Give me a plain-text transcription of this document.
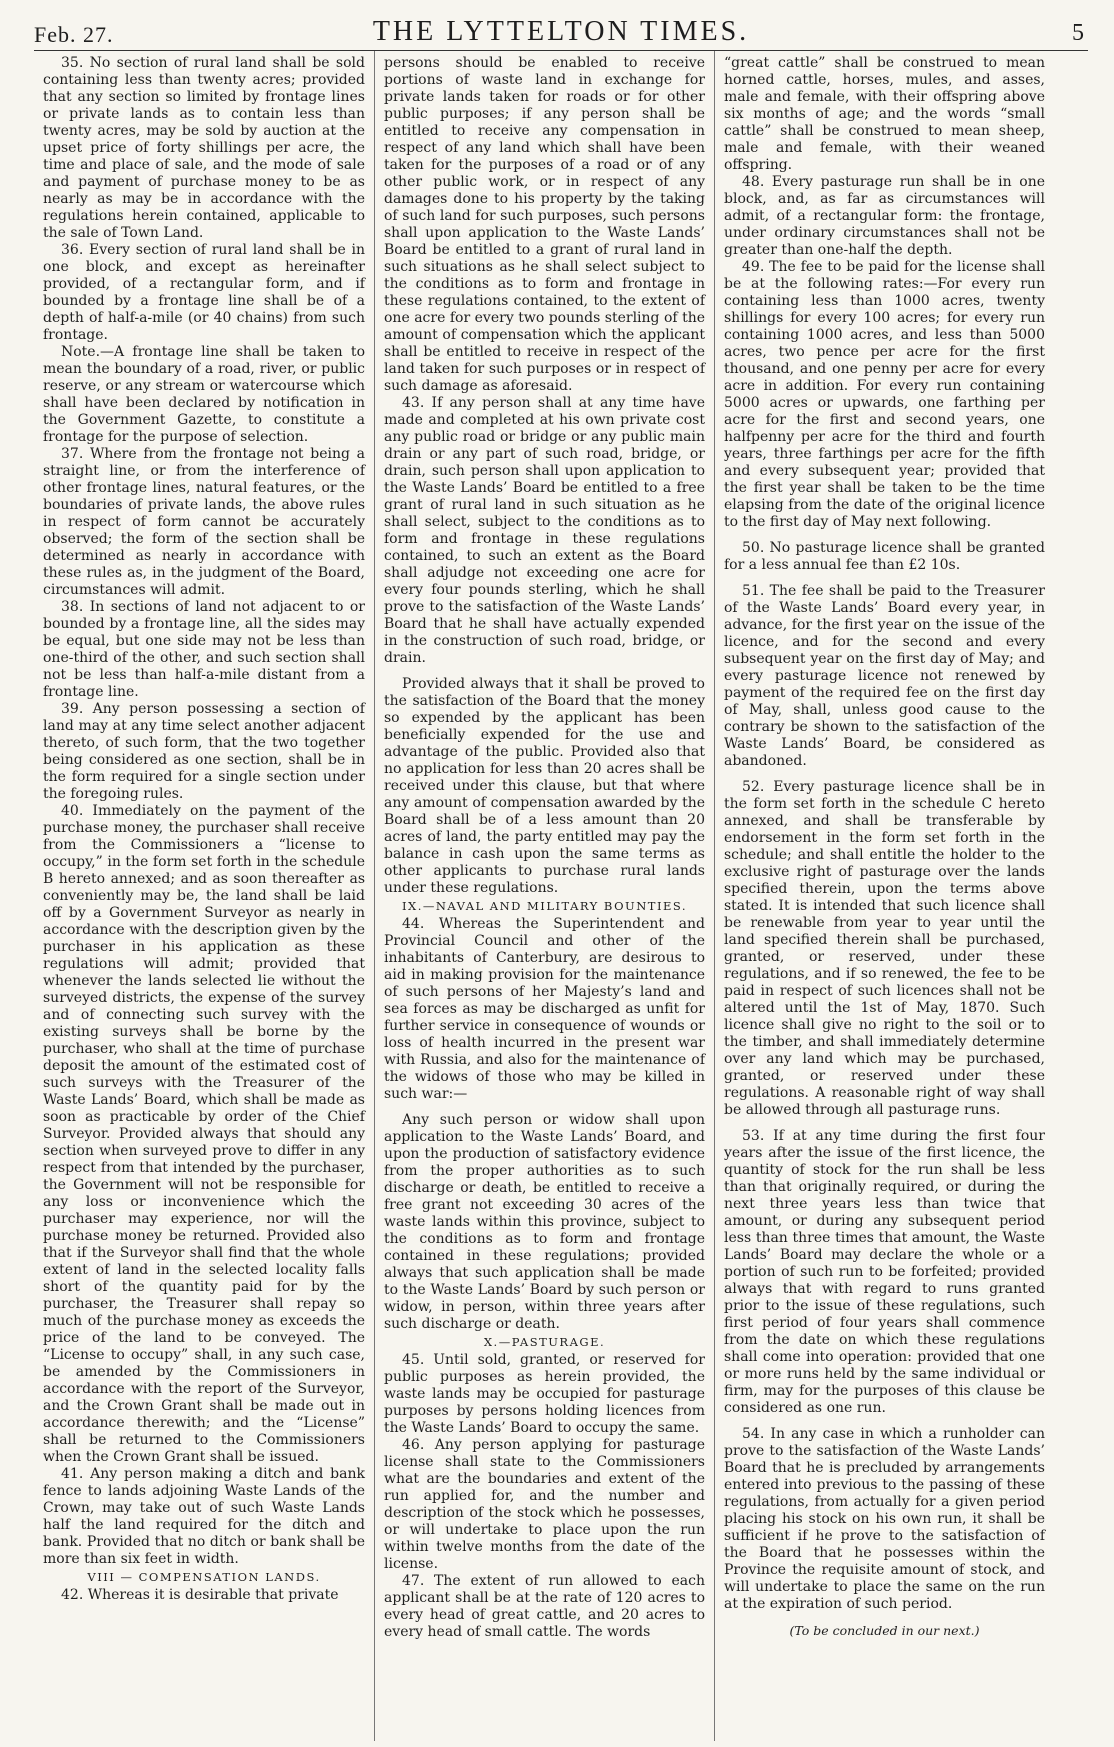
Feb. 27.	THE LYTTELTON TIMES.	5

35. No section of rural land shall be sold containing less than twenty acres; provided that any section so limited by frontage lines or private lands as to contain less than twenty acres, may be sold by auction at the upset price of forty shillings per acre, the time and place of sale, and the mode of sale and payment of purchase money to be as nearly as may be in accordance with the regulations herein contained, applicable to the sale of Town Land.

36. Every section of rural land shall be in one block, and except as hereinafter provided, of a rectangular form, and if bounded by a frontage line shall be of a depth of half-a-mile (or 40 chains) from such frontage.

Note.—A frontage line shall be taken to mean the boundary of a road, river, or public reserve, or any stream or watercourse which shall have been declared by notification in the Government Gazette, to constitute a frontage for the purpose of selection.

37. Where from the frontage not being a straight line, or from the interference of other frontage lines, natural features, or the boundaries of private lands, the above rules in respect of form cannot be accurately observed; the form of the section shall be determined as nearly in accordance with these rules as, in the judgment of the Board, circumstances will admit.

38. In sections of land not adjacent to or bounded by a frontage line, all the sides may be equal, but one side may not be less than one-third of the other, and such section shall not be less than half-a-mile distant from a frontage line.

39. Any person possessing a section of land may at any time select another adjacent thereto, of such form, that the two together being considered as one section, shall be in the form required for a single section under the foregoing rules.

40. Immediately on the payment of the purchase money, the purchaser shall receive from the Commissioners a “license to occupy,” in the form set forth in the schedule B hereto annexed; and as soon thereafter as conveniently may be, the land shall be laid off by a Government Surveyor as nearly in accordance with the description given by the purchaser in his application as these regulations will admit; provided that whenever the lands selected lie without the surveyed districts, the expense of the survey and of connecting such survey with the existing surveys shall be borne by the purchaser, who shall at the time of purchase deposit the amount of the estimated cost of such surveys with the Treasurer of the Waste Lands’ Board, which shall be made as soon as practicable by order of the Chief Surveyor. Provided always that should any section when surveyed prove to differ in any respect from that intended by the purchaser, the Government will not be responsible for any loss or inconvenience which the purchaser may experience, nor will the purchase money be returned. Provided also that if the Surveyor shall find that the whole extent of land in the selected locality falls short of the quantity paid for by the purchaser, the Treasurer shall repay so much of the purchase money as exceeds the price of the land to be conveyed. The “License to occupy” shall, in any such case, be amended by the Commissioners in accordance with the report of the Surveyor, and the Crown Grant shall be made out in accordance therewith; and the “License” shall be returned to the Commissioners when the Crown Grant shall be issued.

41. Any person making a ditch and bank fence to lands adjoining Waste Lands of the Crown, may take out of such Waste Lands half the land required for the ditch and bank. Provided that no ditch or bank shall be more than six feet in width.

VIII — COMPENSATION LANDS.

42. Whereas it is desirable that private

persons should be enabled to receive portions of waste land in exchange for private lands taken for roads or for other public purposes; if any person shall be entitled to receive any compensation in respect of any land which shall have been taken for the purposes of a road or of any other public work, or in respect of any damages done to his property by the taking of such land for such purposes, such persons shall upon application to the Waste Lands’ Board be entitled to a grant of rural land in such situations as he shall select subject to the conditions as to form and frontage in these regulations contained, to the extent of one acre for every two pounds sterling of the amount of compensation which the applicant shall be entitled to receive in respect of the land taken for such purposes or in respect of such damage as aforesaid.

43. If any person shall at any time have made and completed at his own private cost any public road or bridge or any public main drain or any part of such road, bridge, or drain, such person shall upon application to the Waste Lands’ Board be entitled to a free grant of rural land in such situation as he shall select, subject to the conditions as to form and frontage in these regulations contained, to such an extent as the Board shall adjudge not exceeding one acre for every four pounds sterling, which he shall prove to the satisfaction of the Waste Lands’ Board that he shall have actually expended in the construction of such road, bridge, or drain.

Provided always that it shall be proved to the satisfaction of the Board that the money so expended by the applicant has been beneficially expended for the use and advantage of the public. Provided also that no application for less than 20 acres shall be received under this clause, but that where any amount of compensation awarded by the Board shall be of a less amount than 20 acres of land, the party entitled may pay the balance in cash upon the same terms as other applicants to purchase rural lands under these regulations.

IX.—NAVAL AND MILITARY BOUNTIES.

44. Whereas the Superintendent and Provincial Council and other of the inhabitants of Canterbury, are desirous to aid in making provision for the maintenance of such persons of her Majesty’s land and sea forces as may be discharged as unfit for further service in consequence of wounds or loss of health incurred in the present war with Russia, and also for the maintenance of the widows of those who may be killed in such war:—

Any such person or widow shall upon application to the Waste Lands’ Board, and upon the production of satisfactory evidence from the proper authorities as to such discharge or death, be entitled to receive a free grant not exceeding 30 acres of the waste lands within this province, subject to the conditions as to form and frontage contained in these regulations; provided always that such application shall be made to the Waste Lands’ Board by such person or widow, in person, within three years after such discharge or death.

X.—PASTURAGE.

45. Until sold, granted, or reserved for public purposes as herein provided, the waste lands may be occupied for pasturage purposes by persons holding licences from the Waste Lands’ Board to occupy the same.

46. Any person applying for pasturage license shall state to the Commissioners what are the boundaries and extent of the run applied for, and the number and description of the stock which he possesses, or will undertake to place upon the run within twelve months from the date of the license.

47. The extent of run allowed to each applicant shall be at the rate of 120 acres to every head of great cattle, and 20 acres to every head of small cattle. The words

“great cattle” shall be construed to mean horned cattle, horses, mules, and asses, male and female, with their offspring above six months of age; and the words “small cattle” shall be construed to mean sheep, male and female, with their weaned offspring.

48. Every pasturage run shall be in one block, and, as far as circumstances will admit, of a rectangular form: the frontage, under ordinary circumstances shall not be greater than one-half the depth.

49. The fee to be paid for the license shall be at the following rates:—For every run containing less than 1000 acres, twenty shillings for every 100 acres; for every run containing 1000 acres, and less than 5000 acres, two pence per acre for the first thousand, and one penny per acre for every acre in addition. For every run containing 5000 acres or upwards, one farthing per acre for the first and second years, one halfpenny per acre for the third and fourth years, three farthings per acre for the fifth and every subsequent year; provided that the first year shall be taken to be the time elapsing from the date of the original licence to the first day of May next following.

50. No pasturage licence shall be granted for a less annual fee than £2 10s.

51. The fee shall be paid to the Treasurer of the Waste Lands’ Board every year, in advance, for the first year on the issue of the licence, and for the second and every subsequent year on the first day of May; and every pasturage licence not renewed by payment of the required fee on the first day of May, shall, unless good cause to the contrary be shown to the satisfaction of the Waste Lands’ Board, be considered as abandoned.

52. Every pasturage licence shall be in the form set forth in the schedule C hereto annexed, and shall be transferable by endorsement in the form set forth in the schedule; and shall entitle the holder to the exclusive right of pasturage over the lands specified therein, upon the terms above stated. It is intended that such licence shall be renewable from year to year until the land specified therein shall be purchased, granted, or reserved, under these regulations, and if so renewed, the fee to be paid in respect of such licences shall not be altered until the 1st of May, 1870. Such licence shall give no right to the soil or to the timber, and shall immediately determine over any land which may be purchased, granted, or reserved under these regulations. A reasonable right of way shall be allowed through all pasturage runs.

53. If at any time during the first four years after the issue of the first licence, the quantity of stock for the run shall be less than that originally required, or during the next three years less than twice that amount, or during any subsequent period less than three times that amount, the Waste Lands’ Board may declare the whole or a portion of such run to be forfeited; provided always that with regard to runs granted prior to the issue of these regulations, such first period of four years shall commence from the date on which these regulations shall come into operation: provided that one or more runs held by the same individual or firm, may for the purposes of this clause be considered as one run.

54. In any case in which a runholder can prove to the satisfaction of the Waste Lands’ Board that he is precluded by arrangements entered into previous to the passing of these regulations, from actually for a given period placing his stock on his own run, it shall be sufficient if he prove to the satisfaction of the Board that he possesses within the Province the requisite amount of stock, and will undertake to place the same on the run at the expiration of such period.

(To be concluded in our next.)
